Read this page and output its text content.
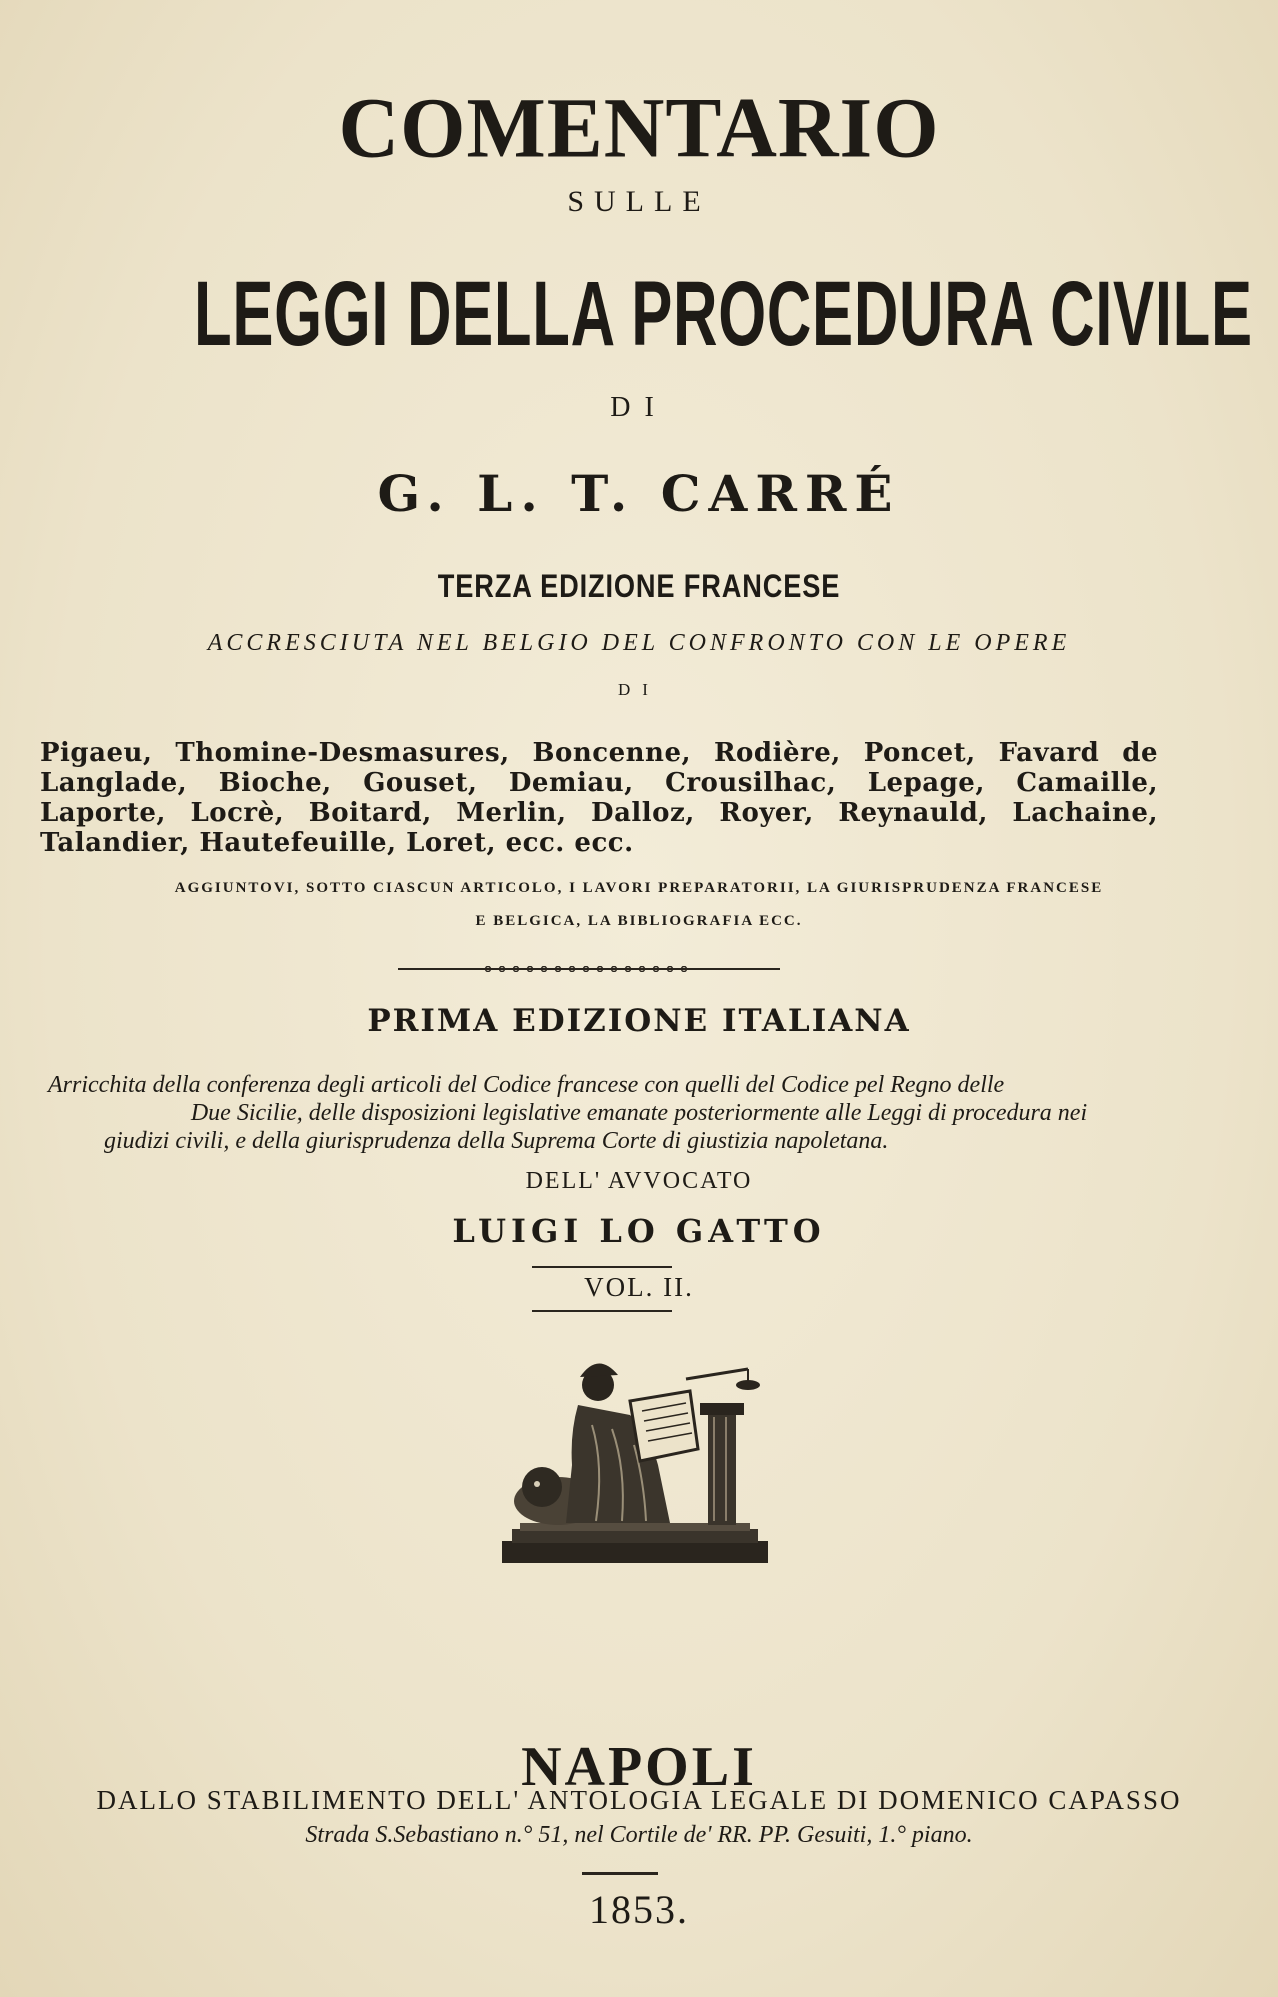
COMENTARIO
SULLE
LEGGI DELLA PROCEDURA CIVILE
DI
G. L. T. CARRÉ
TERZA EDIZIONE FRANCESE
ACCRESCIUTA NEL BELGIO DEL CONFRONTO CON LE OPERE
DI
Pigaeu, Thomine-Desmasures, Boncenne, Rodière, Poncet, Favard de Langlade, Bioche, Gouset, Demiau, Crousilhac, Lepage, Camaille, Laporte, Locrè, Boitard, Merlin, Dalloz, Royer, Reynauld, Lachaine, Talandier, Hautefeuille, Loret, ecc. ecc.
AGGIUNTOVI, SOTTO CIASCUN ARTICOLO, I LAVORI PREPARATORII, LA GIURISPRUDENZA FRANCESE
E BELGICA, LA BIBLIOGRAFIA ECC.
PRIMA EDIZIONE ITALIANA
Arricchita della conferenza degli articoli del Codice francese con quelli del Codice pel Regno delle
Due Sicilie, delle disposizioni legislative emanate posteriormente alle Leggi di procedura nei
giudizi civili, e della giurisprudenza della Suprema Corte di giustizia napoletana.
DELL' AVVOCATO
LUIGI LO GATTO
VOL. II.
NAPOLI
DALLO STABILIMENTO DELL' ANTOLOGIA LEGALE DI DOMENICO CAPASSO
Strada S.Sebastiano n.° 51, nel Cortile de' RR. PP. Gesuiti, 1.° piano.
1853.
